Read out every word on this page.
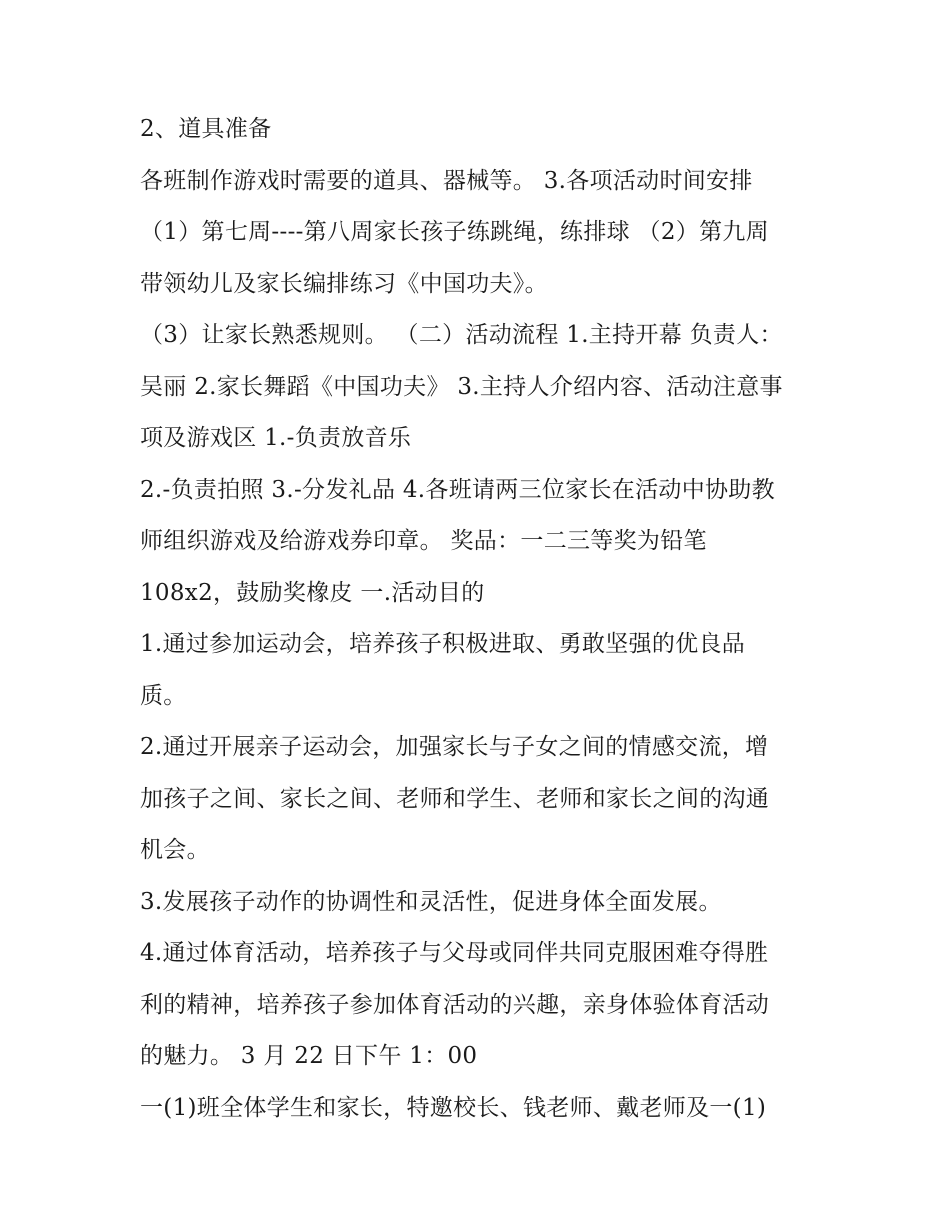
2、道具准备
各班制作游戏时需要的道具、器械等。 3.各项活动时间安排
（1）第七周----第八周家长孩子练跳绳，练排球 （2）第九周
带领幼儿及家长编排练习《中国功夫》。
（3）让家长熟悉规则。 （二）活动流程 1.主持开幕 负责人：
吴丽 2.家长舞蹈《中国功夫》 3.主持人介绍内容、活动注意事
项及游戏区 1.-负责放音乐
2.-负责拍照 3.-分发礼品 4.各班请两三位家长在活动中协助教
师组织游戏及给游戏券印章。 奖品：一二三等奖为铅笔
108x2，鼓励奖橡皮 一.活动目的
1.通过参加运动会，培养孩子积极进取、勇敢坚强的优良品
质。
2.通过开展亲子运动会，加强家长与子女之间的情感交流，增
加孩子之间、家长之间、老师和学生、老师和家长之间的沟通
机会。
3.发展孩子动作的协调性和灵活性，促进身体全面发展。
4.通过体育活动，培养孩子与父母或同伴共同克服困难夺得胜
利的精神，培养孩子参加体育活动的兴趣，亲身体验体育活动
的魅力。 3 月 22 日下午 1：00
一(1)班全体学生和家长，特邀校长、钱老师、戴老师及一(1)
